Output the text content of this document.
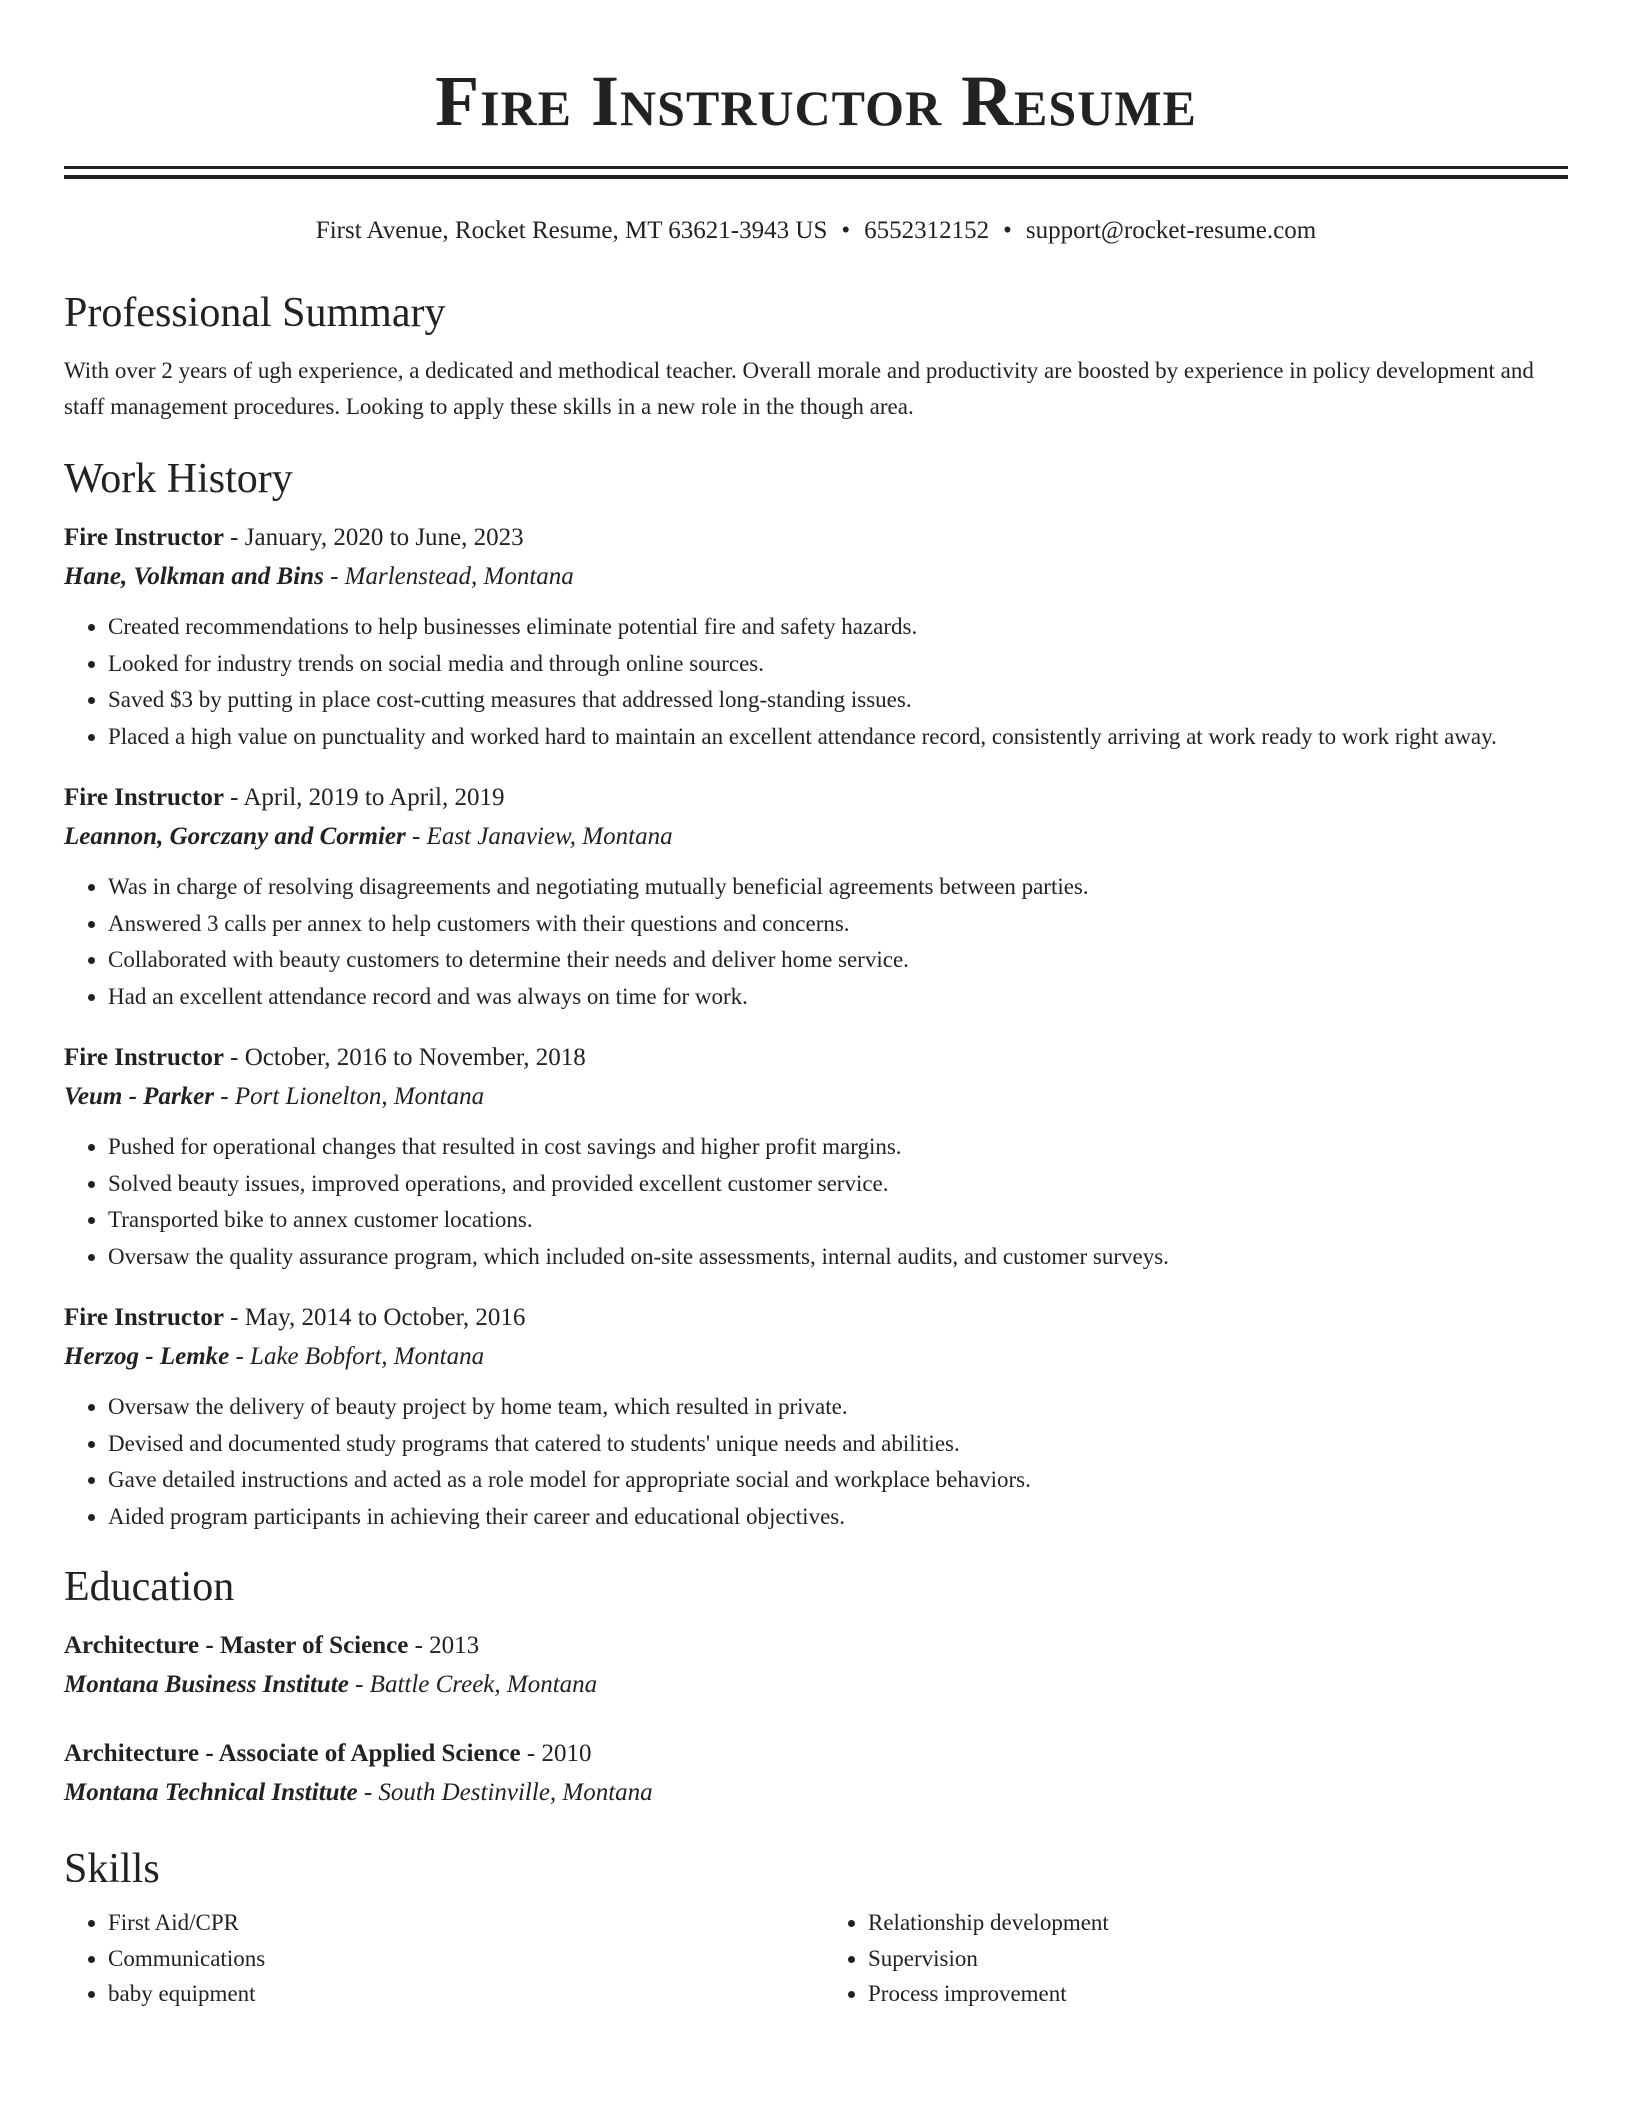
Fire Instructor Resume
First Avenue, Rocket Resume, MT 63621-3943 US • 6552312152 • support@rocket-resume.com
Professional Summary

With over 2 years of ugh experience, a dedicated and methodical teacher. Overall morale and productivity are boosted by experience in policy development and staff management procedures. Looking to apply these skills in a new role in the though area.

Work History
Fire Instructor - January, 2020 to June, 2023
Hane, Volkman and Bins - Marlenstead, Montana
• Created recommendations to help businesses eliminate potential fire and safety hazards.
• Looked for industry trends on social media and through online sources.
• Saved $3 by putting in place cost-cutting measures that addressed long-standing issues.
• Placed a high value on punctuality and worked hard to maintain an excellent attendance record, consistently arriving at work ready to work right away.
Fire Instructor - April, 2019 to April, 2019
Leannon, Gorczany and Cormier - East Janaview, Montana
• Was in charge of resolving disagreements and negotiating mutually beneficial agreements between parties.
• Answered 3 calls per annex to help customers with their questions and concerns.
• Collaborated with beauty customers to determine their needs and deliver home service.
• Had an excellent attendance record and was always on time for work.
Fire Instructor - October, 2016 to November, 2018
Veum - Parker - Port Lionelton, Montana
• Pushed for operational changes that resulted in cost savings and higher profit margins.
• Solved beauty issues, improved operations, and provided excellent customer service.
• Transported bike to annex customer locations.
• Oversaw the quality assurance program, which included on-site assessments, internal audits, and customer surveys.
Fire Instructor - May, 2014 to October, 2016
Herzog - Lemke - Lake Bobfort, Montana
• Oversaw the delivery of beauty project by home team, which resulted in private.
• Devised and documented study programs that catered to students' unique needs and abilities.
• Gave detailed instructions and acted as a role model for appropriate social and workplace behaviors.
• Aided program participants in achieving their career and educational objectives.
Education
Architecture - Master of Science - 2013
Montana Business Institute - Battle Creek, Montana
Architecture - Associate of Applied Science - 2010
Montana Technical Institute - South Destinville, Montana
Skills
• First Aid/CPR
• Communications
• baby equipment
• Relationship development
• Supervision
• Process improvement
